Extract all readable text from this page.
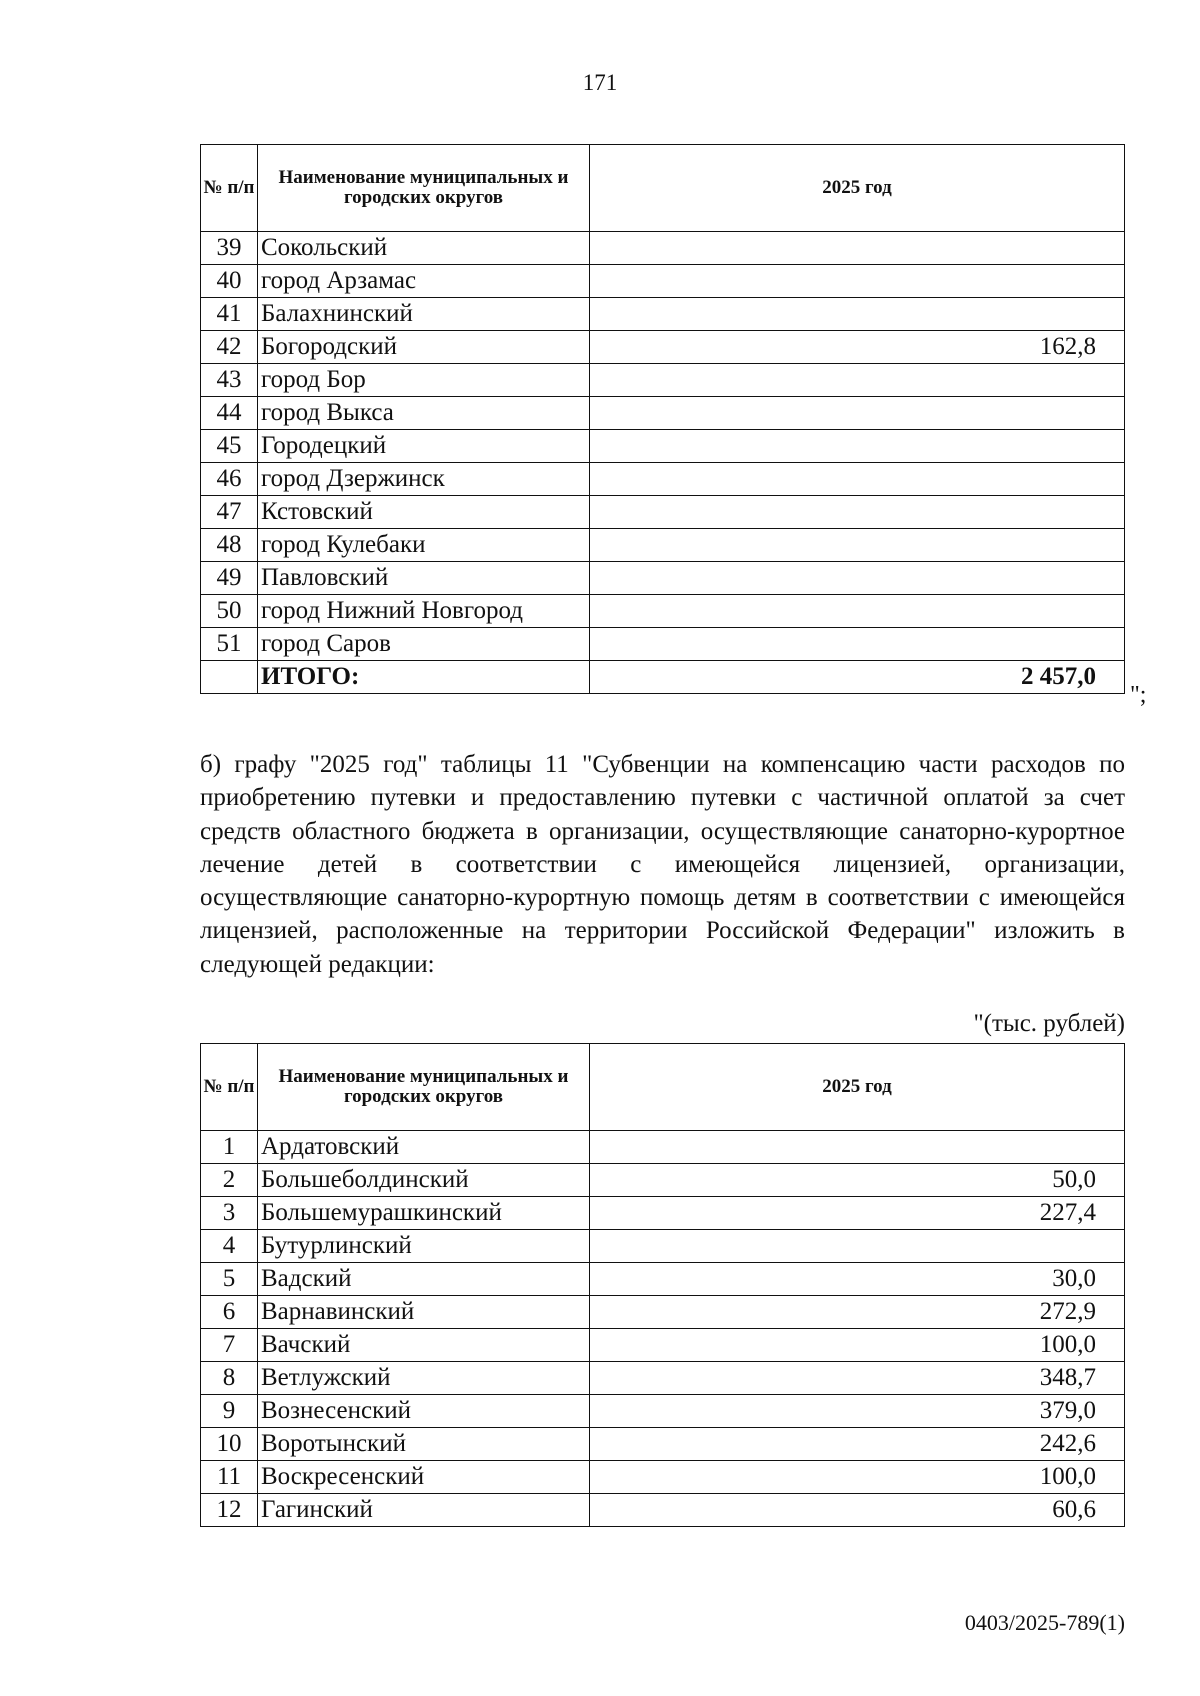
171
№ п/п	Наименование муниципальных и городских округов	2025 год
39	Сокольский	
40	город Арзамас	
41	Балахнинский	
42	Богородский	162,8
43	город Бор	
44	город Выкса	
45	Городецкий	
46	город Дзержинск	
47	Кстовский	
48	город Кулебаки	
49	Павловский	
50	город Нижний Новгород	
51	город Саров	
	ИТОГО:	2 457,0
";

б) графу "2025 год" таблицы 11 "Субвенции на компенсацию части расходов по приобретению путевки и предоставлению путевки с частичной оплатой за счет средств областного бюджета в организации, осуществляющие санаторно-курортное лечение детей в соответствии с имеющейся лицензией, организации, осуществляющие санаторно-курортную помощь детям в соответствии с имеющейся лицензией, расположенные на территории Российской Федерации" изложить в следующей редакции:

"(тыс. рублей)
№ п/п	Наименование муниципальных и городских округов	2025 год
1	Ардатовский	
2	Большеболдинский	50,0
3	Большемурашкинский	227,4
4	Бутурлинский	
5	Вадский	30,0
6	Варнавинский	272,9
7	Вачский	100,0
8	Ветлужский	348,7
9	Вознесенский	379,0
10	Воротынский	242,6
11	Воскресенский	100,0
12	Гагинский	60,6
0403/2025-789(1)
